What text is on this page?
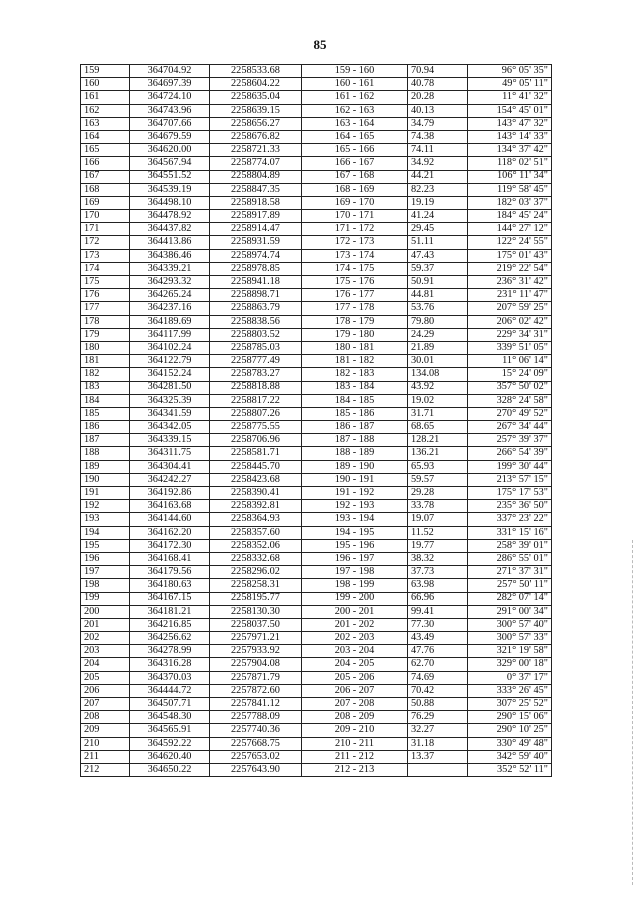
85
159	364704.92	2258533.68	159 - 160	70.94	96° 05' 35"
160	364697.39	2258604.22	160 - 161	40.78	49° 05' 11"
161	364724.10	2258635.04	161 - 162	20.28	11° 41' 32"
162	364743.96	2258639.15	162 - 163	40.13	154° 45' 01"
163	364707.66	2258656.27	163 - 164	34.79	143° 47' 32"
164	364679.59	2258676.82	164 - 165	74.38	143° 14' 33"
165	364620.00	2258721.33	165 - 166	74.11	134° 37' 42"
166	364567.94	2258774.07	166 - 167	34.92	118° 02' 51"
167	364551.52	2258804.89	167 - 168	44.21	106° 11' 34"
168	364539.19	2258847.35	168 - 169	82.23	119° 58' 45"
169	364498.10	2258918.58	169 - 170	19.19	182° 03' 37"
170	364478.92	2258917.89	170 - 171	41.24	184° 45' 24"
171	364437.82	2258914.47	171 - 172	29.45	144° 27' 12"
172	364413.86	2258931.59	172 - 173	51.11	122° 24' 55"
173	364386.46	2258974.74	173 - 174	47.43	175° 01' 43"
174	364339.21	2258978.85	174 - 175	59.37	219° 22' 54"
175	364293.32	2258941.18	175 - 176	50.91	236° 31' 42"
176	364265.24	2258898.71	176 - 177	44.81	231° 11' 47"
177	364237.16	2258863.79	177 - 178	53.76	207° 59' 25"
178	364189.69	2258838.56	178 - 179	79.80	206° 02' 42"
179	364117.99	2258803.52	179 - 180	24.29	229° 34' 31"
180	364102.24	2258785.03	180 - 181	21.89	339° 51' 05"
181	364122.79	2258777.49	181 - 182	30.01	11° 06' 14"
182	364152.24	2258783.27	182 - 183	134.08	15° 24' 09"
183	364281.50	2258818.88	183 - 184	43.92	357° 50' 02"
184	364325.39	2258817.22	184 - 185	19.02	328° 24' 58"
185	364341.59	2258807.26	185 - 186	31.71	270° 49' 52"
186	364342.05	2258775.55	186 - 187	68.65	267° 34' 44"
187	364339.15	2258706.96	187 - 188	128.21	257° 39' 37"
188	364311.75	2258581.71	188 - 189	136.21	266° 54' 39"
189	364304.41	2258445.70	189 - 190	65.93	199° 30' 44"
190	364242.27	2258423.68	190 - 191	59.57	213° 57' 15"
191	364192.86	2258390.41	191 - 192	29.28	175° 17' 53"
192	364163.68	2258392.81	192 - 193	33.78	235° 36' 50"
193	364144.60	2258364.93	193 - 194	19.07	337° 23' 22"
194	364162.20	2258357.60	194 - 195	11.52	331° 15' 16"
195	364172.30	2258352.06	195 - 196	19.77	258° 39' 01"
196	364168.41	2258332.68	196 - 197	38.32	286° 55' 01"
197	364179.56	2258296.02	197 - 198	37.73	271° 37' 31"
198	364180.63	2258258.31	198 - 199	63.98	257° 50' 11"
199	364167.15	2258195.77	199 - 200	66.96	282° 07' 14"
200	364181.21	2258130.30	200 - 201	99.41	291° 00' 34"
201	364216.85	2258037.50	201 - 202	77.30	300° 57' 40"
202	364256.62	2257971.21	202 - 203	43.49	300° 57' 33"
203	364278.99	2257933.92	203 - 204	47.76	321° 19' 58"
204	364316.28	2257904.08	204 - 205	62.70	329° 00' 18"
205	364370.03	2257871.79	205 - 206	74.69	0° 37' 17"
206	364444.72	2257872.60	206 - 207	70.42	333° 26' 45"
207	364507.71	2257841.12	207 - 208	50.88	307° 25' 52"
208	364548.30	2257788.09	208 - 209	76.29	290° 15' 06"
209	364565.91	2257740.36	209 - 210	32.27	290° 10' 25"
210	364592.22	2257668.75	210 - 211	31.18	330° 49' 48"
211	364620.40	2257653.02	211 - 212	13.37	342° 59' 40"
212	364650.22	2257643.90	212 - 213		352° 52' 11"
